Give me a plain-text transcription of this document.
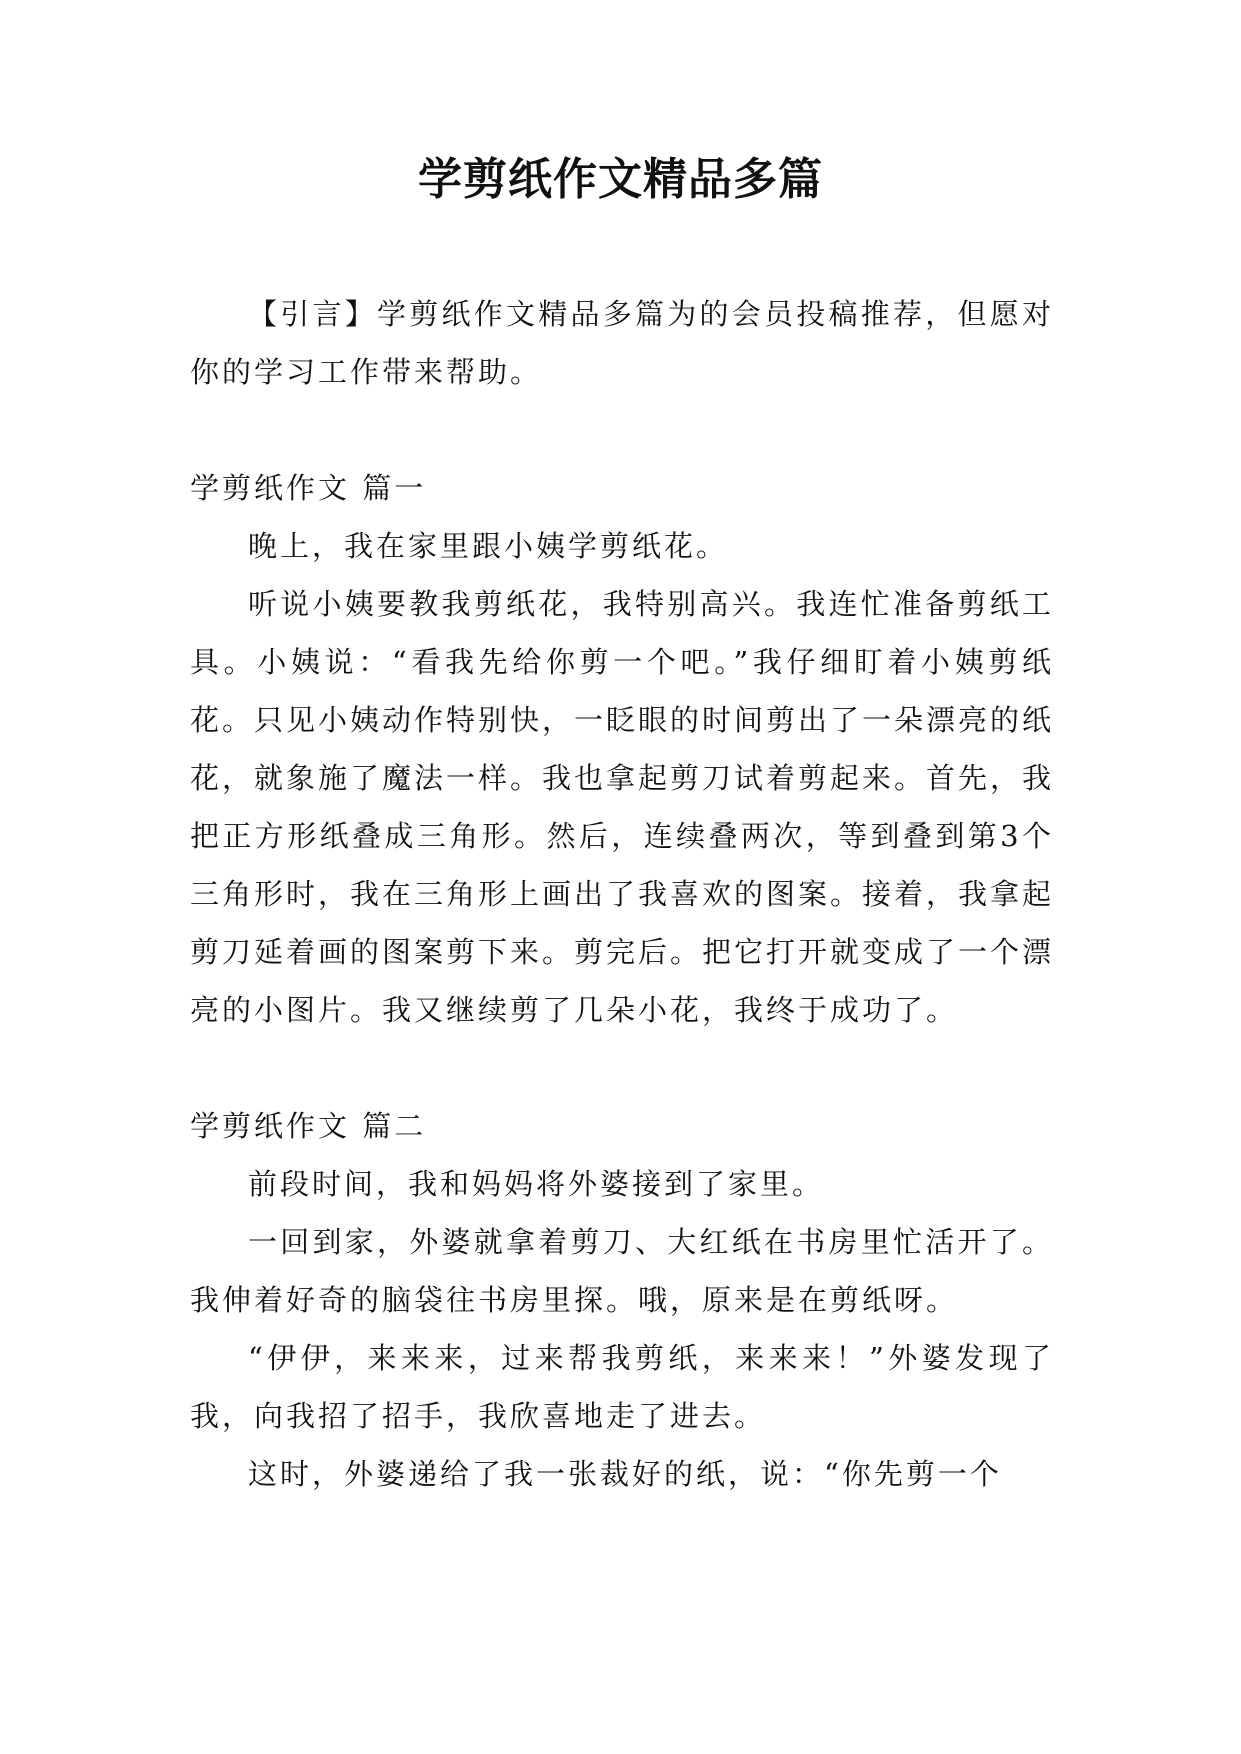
学剪纸作文精品多篇

【引言】学剪纸作文精品多篇为的会员投稿推荐，但愿对你的学习工作带来帮助。

学剪纸作文 篇一

晚上，我在家里跟小姨学剪纸花。

听说小姨要教我剪纸花，我特别高兴。我连忙准备剪纸工具。小姨说：“看我先给你剪一个吧。”我仔细盯着小姨剪纸花。只见小姨动作特别快，一眨眼的时间剪出了一朵漂亮的纸花，就象施了魔法一样。我也拿起剪刀试着剪起来。首先，我把正方形纸叠成三角形。然后，连续叠两次，等到叠到第3个三角形时，我在三角形上画出了我喜欢的图案。接着，我拿起剪刀延着画的图案剪下来。剪完后。把它打开就变成了一个漂亮的小图片。我又继续剪了几朵小花，我终于成功了。

学剪纸作文 篇二

前段时间，我和妈妈将外婆接到了家里。

一回到家，外婆就拿着剪刀、大红纸在书房里忙活开了。我伸着好奇的脑袋往书房里探。哦，原来是在剪纸呀。

“伊伊，来来来，过来帮我剪纸，来来来！”外婆发现了我，向我招了招手，我欣喜地走了进去。

这时，外婆递给了我一张裁好的纸，说：“你先剪一个
